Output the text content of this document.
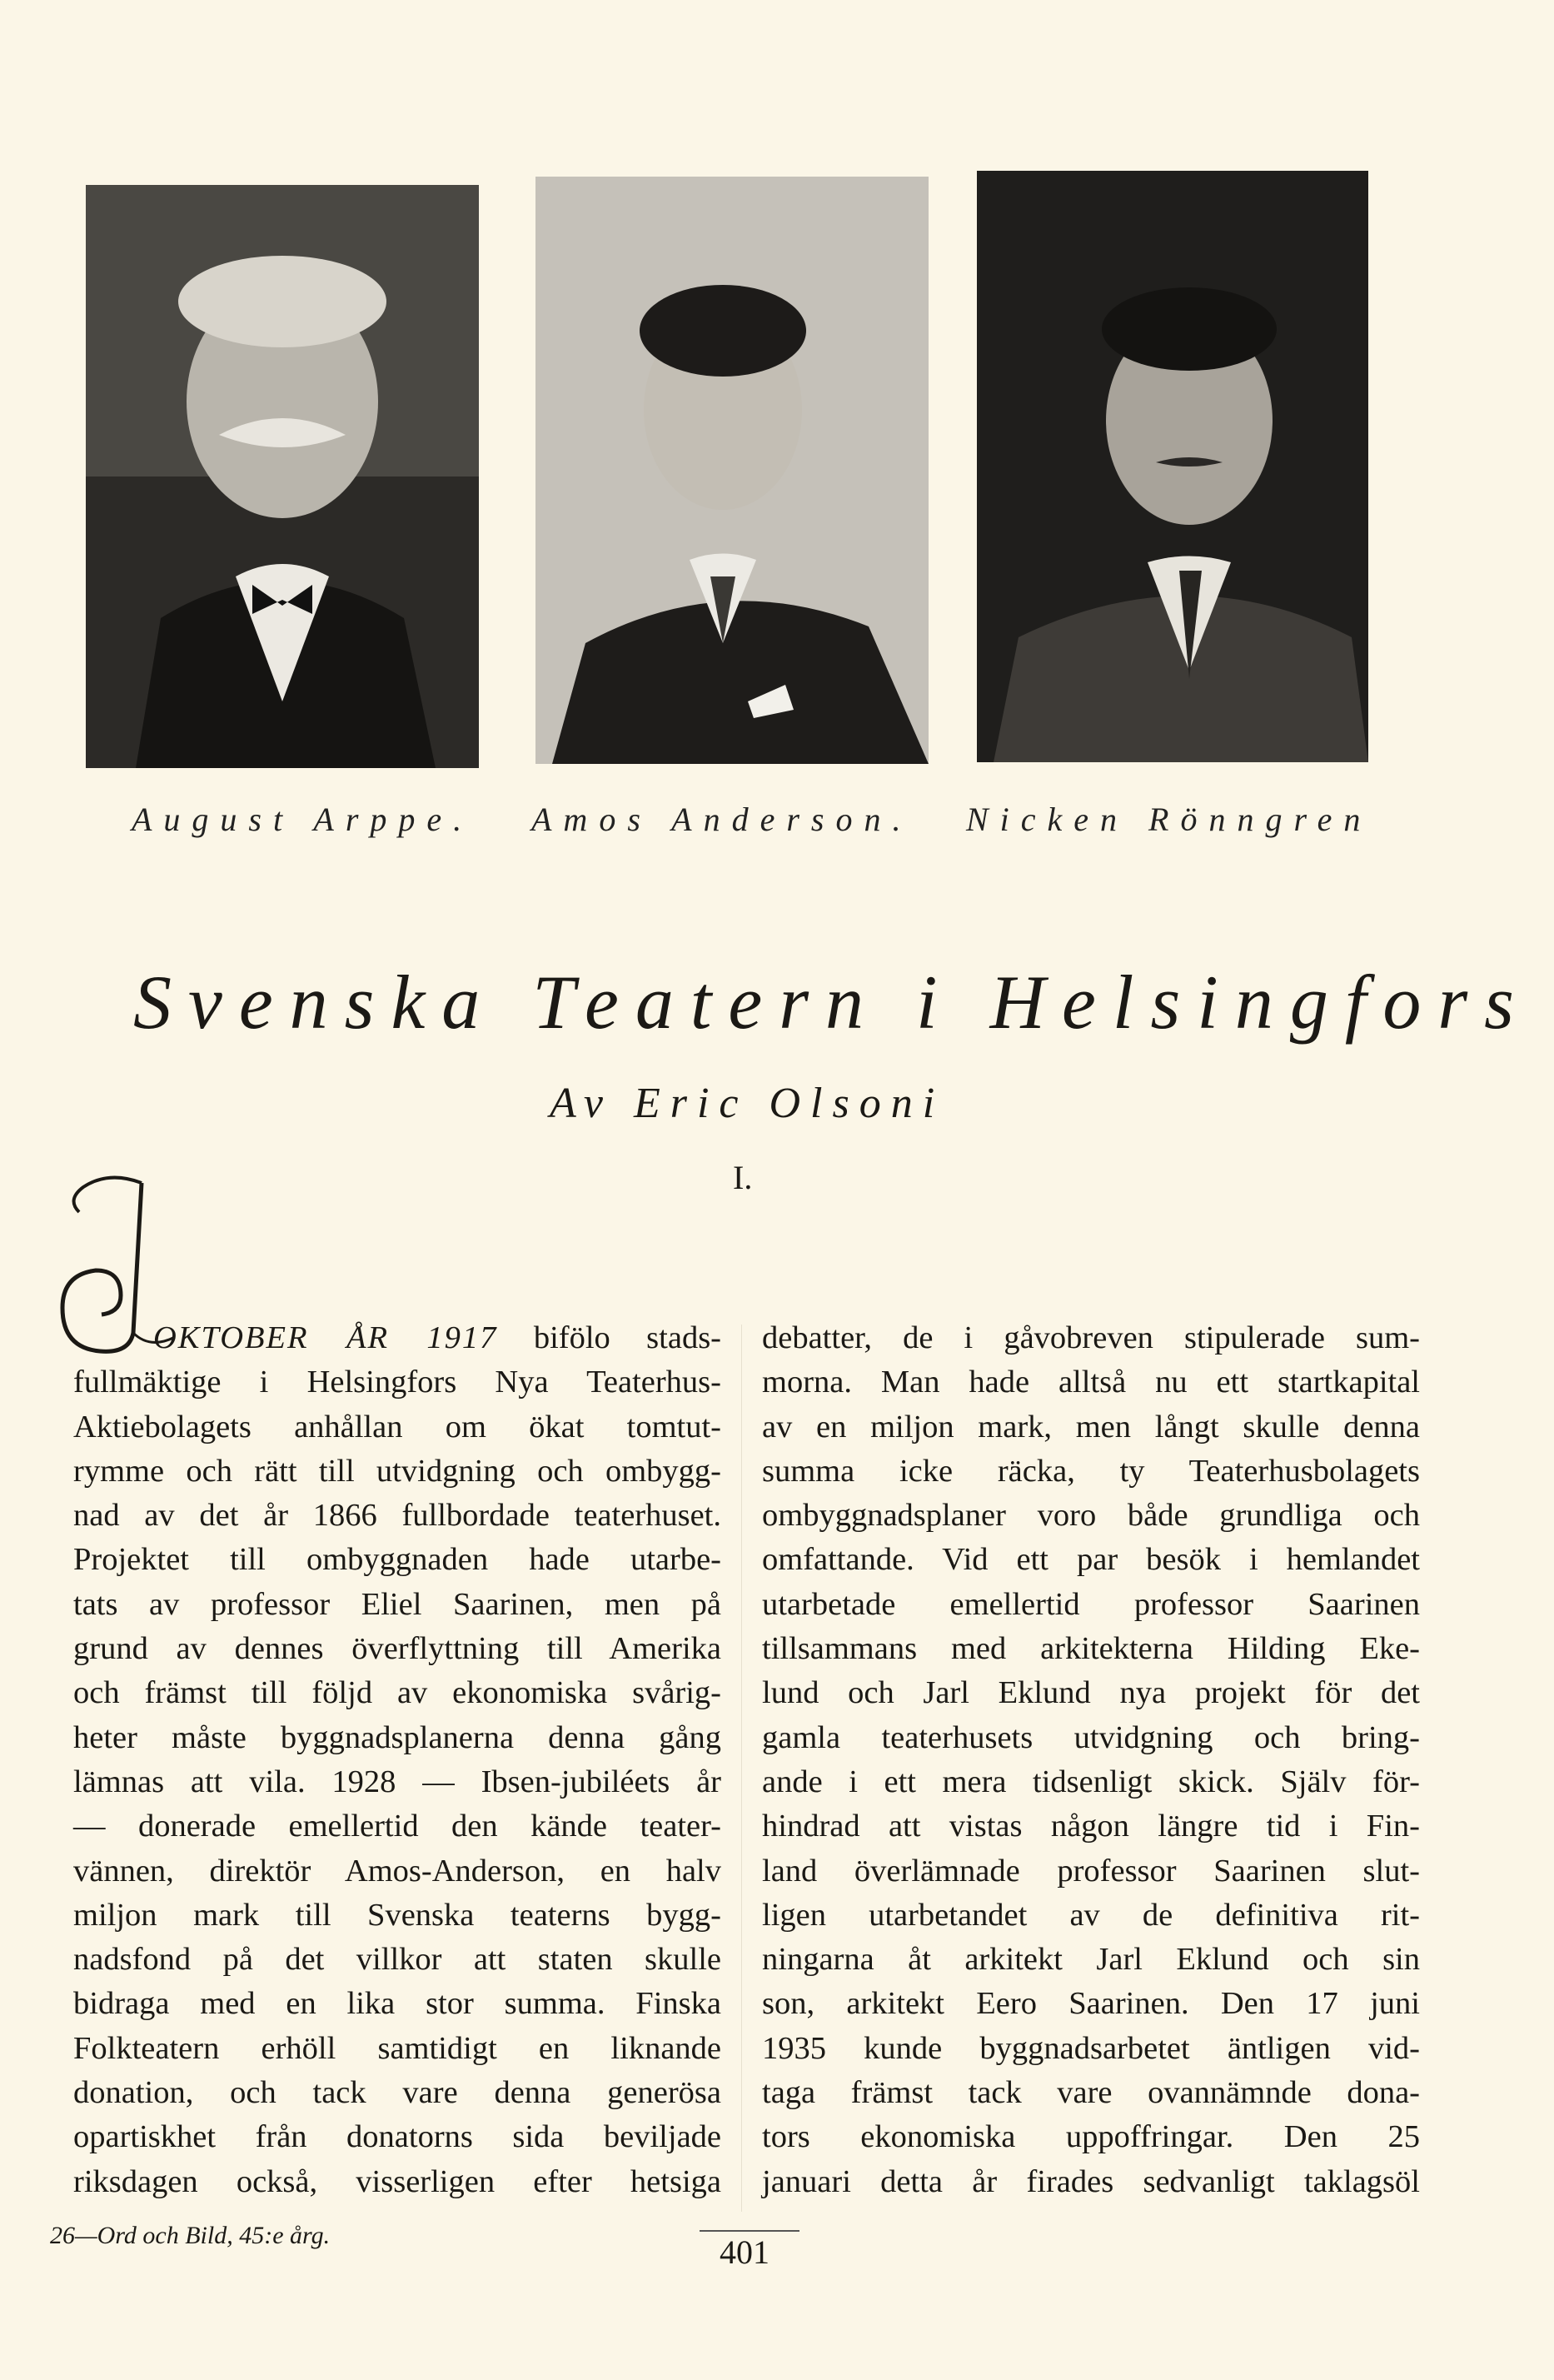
August Arppe. Amos Anderson. Nicken Rönngren
Svenska Teatern i Helsingfors
Av Eric Olsoni
I.
OKTOBER ÅR 1917 bifölo stads-
fullmäktige i Helsingfors Nya Teaterhus-
Aktiebolagets anhållan om ökat tomtut-
rymme och rätt till utvidgning och ombygg-
nad av det år 1866 fullbordade teaterhuset.
Projektet till ombyggnaden hade utarbe-
tats av professor Eliel Saarinen, men på
grund av dennes överflyttning till Amerika
och främst till följd av ekonomiska svårig-
heter måste byggnadsplanerna denna gång
lämnas att vila. 1928 — Ibsen-jubiléets år
— donerade emellertid den kände teater-
vännen, direktör Amos-Anderson, en halv
miljon mark till Svenska teaterns bygg-
nadsfond på det villkor att staten skulle
bidraga med en lika stor summa. Finska
Folkteatern erhöll samtidigt en liknande
donation, och tack vare denna generösa
opartiskhet från donatorns sida beviljade
riksdagen också, visserligen efter hetsiga
debatter, de i gåvobreven stipulerade sum-
morna. Man hade alltså nu ett startkapital
av en miljon mark, men långt skulle denna
summa icke räcka, ty Teaterhusbolagets
ombyggnadsplaner voro både grundliga och
omfattande. Vid ett par besök i hemlandet
utarbetade emellertid professor Saarinen
tillsammans med arkitekterna Hilding Eke-
lund och Jarl Eklund nya projekt för det
gamla teaterhusets utvidgning och bring-
ande i ett mera tidsenligt skick. Själv för-
hindrad att vistas någon längre tid i Fin-
land överlämnade professor Saarinen slut-
ligen utarbetandet av de definitiva rit-
ningarna åt arkitekt Jarl Eklund och sin
son, arkitekt Eero Saarinen. Den 17 juni
1935 kunde byggnadsarbetet äntligen vid-
taga främst tack vare ovannämnde dona-
tors ekonomiska uppoffringar. Den 25
januari detta år firades sedvanligt taklagsöl
26—Ord och Bild, 45:e årg.	401
